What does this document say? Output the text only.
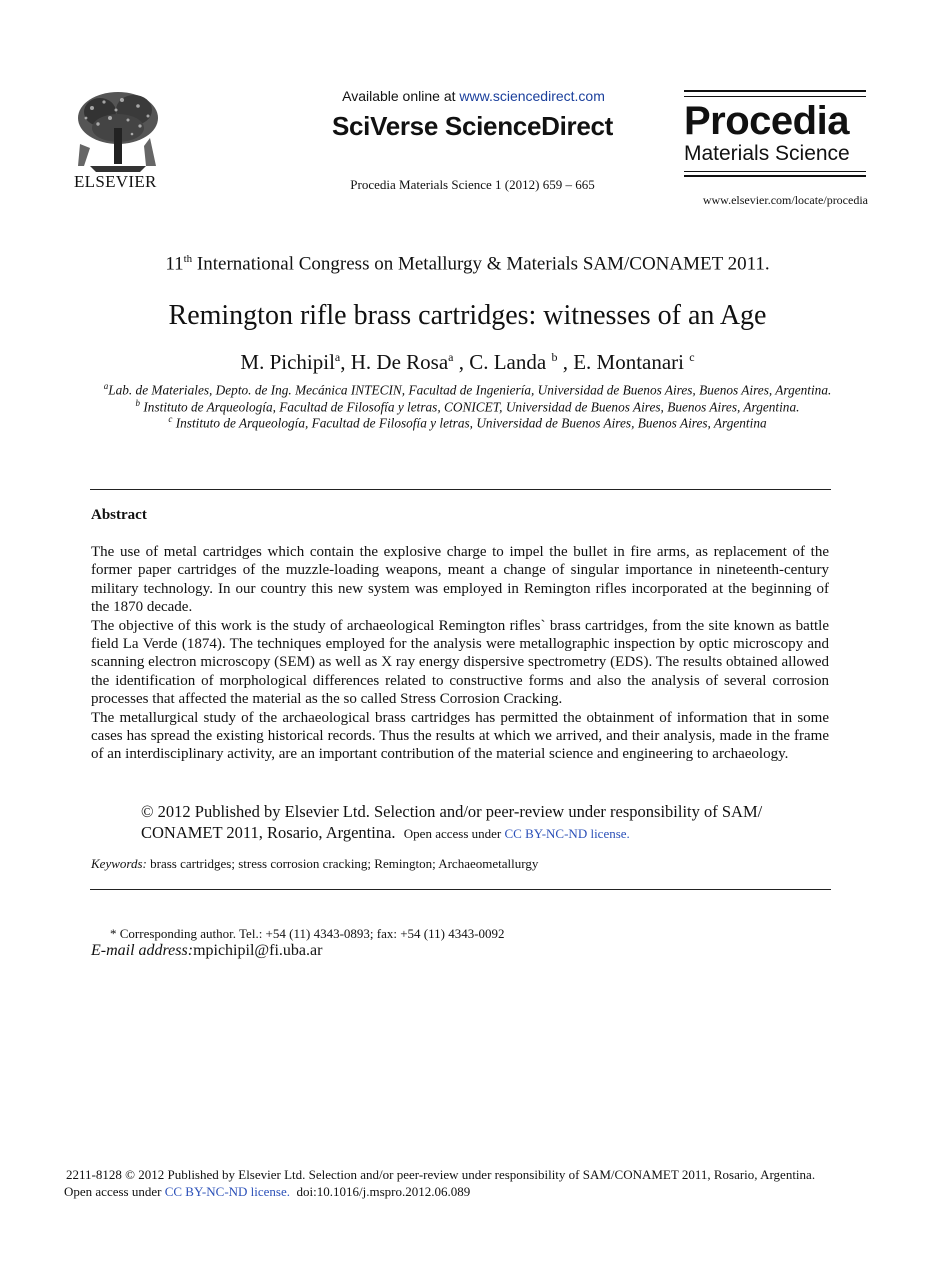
ELSEVIER
Available online at www.sciencedirect.com
SciVerse ScienceDirect
Procedia Materials Science 1 (2012) 659 – 665
Procedia
Materials Science
www.elsevier.com/locate/procedia
11th International Congress on Metallurgy & Materials SAM/CONAMET 2011.
Remington rifle brass cartridges: witnesses of an Age
M. Pichipil$^a$, H. De Rosa$^a$ , C. Landa $^b$ , E. Montanari $^c$
$^a$Lab. de Materiales, Depto. de Ing. Mecánica INTECIN, Facultad de Ingeniería, Universidad de Buenos Aires, Buenos Aires, Argentina.
$^b$ Instituto de Arqueología, Facultad de Filosofía y letras, CONICET, Universidad de Buenos Aires, Buenos Aires, Argentina.
$^c$ Instituto de Arqueología, Facultad de Filosofía y letras, Universidad de Buenos Aires, Buenos Aires, Argentina
Abstract

The use of metal cartridges which contain the explosive charge to impel the bullet in fire arms, as replacement of the former paper cartridges of the muzzle-loading weapons, meant a change of singular importance in nineteenth-century military technology. In our country this new system was employed in Remington rifles incorporated at the beginning of the 1870 decade.

The objective of this work is the study of archaeological Remington rifles` brass cartridges, from the site known as battle field La Verde (1874). The techniques employed for the analysis were metallographic inspection by optic microscopy and scanning electron microscopy (SEM) as well as X ray energy dispersive spectrometry (EDS). The results obtained allowed the identification of morphological differences related to constructive forms and also the analysis of several corrosion processes that affected the material as the so called Stress Corrosion Cracking.

The metallurgical study of the archaeological brass cartridges has permitted the obtainment of information that in some cases has spread the existing historical records. Thus the results at which we arrived, and their analysis, made in the frame of an interdisciplinary activity, are an important contribution of the material science and engineering to archaeology.

© 2012 Published by Elsevier Ltd. Selection and/or peer-review under responsibility of SAM/
CONAMET 2011, Rosario, Argentina. Open access under CC BY-NC-ND license.
Keywords: brass cartridges; stress corrosion cracking; Remington; Archaeometallurgy
* Corresponding author. Tel.: +54 (11) 4343-0893; fax: +54 (11) 4343-0092
E-mail address:mpichipil@fi.uba.ar
2211-8128 © 2012 Published by Elsevier Ltd. Selection and/or peer-review under responsibility of SAM/CONAMET 2011, Rosario, Argentina.
Open access under CC BY-NC-ND license. doi:10.1016/j.mspro.2012.06.089
